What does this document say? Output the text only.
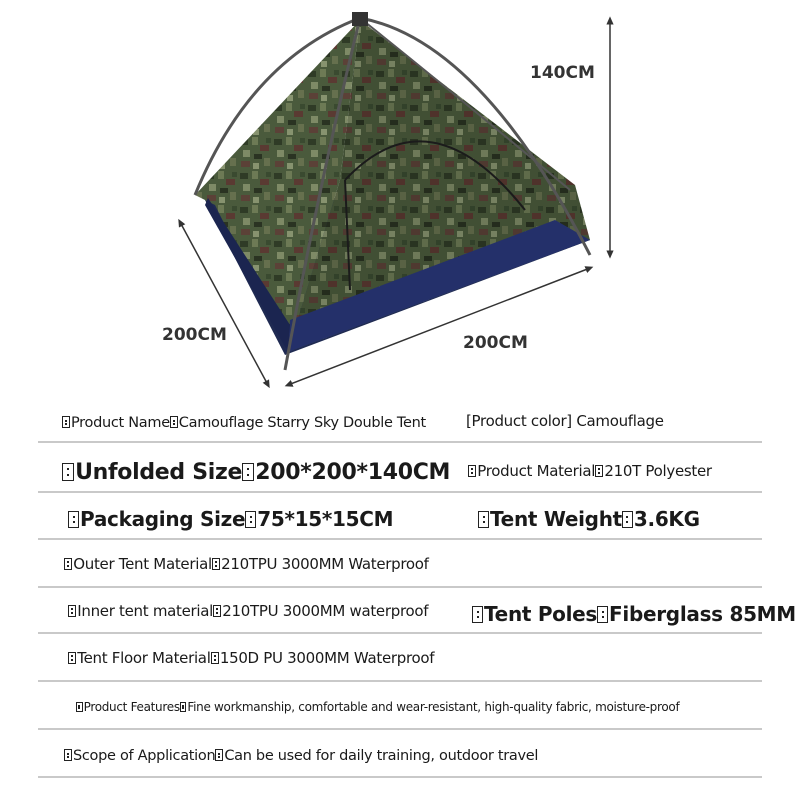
140CM
200CM	200CM
Product Name Camouflage Starry Sky Double Tent	[Product color] Camouflage
Unfolded Size 200*200*140CM	Product Material 210T Polyester
Packaging Size 75*15*15CM	Tent Weight 3.6KG
Outer Tent Material 210TPU 3000MM Waterproof
Inner tent material 210TPU 3000MM waterproof	Tent Poles Fiberglass 85MM
Tent Floor Material 150D PU 3000MM Waterproof
Product Features Fine workmanship, comfortable and wear-resistant, high-quality fabric, moisture-proof
Scope of Application Can be used for daily training, outdoor travel
